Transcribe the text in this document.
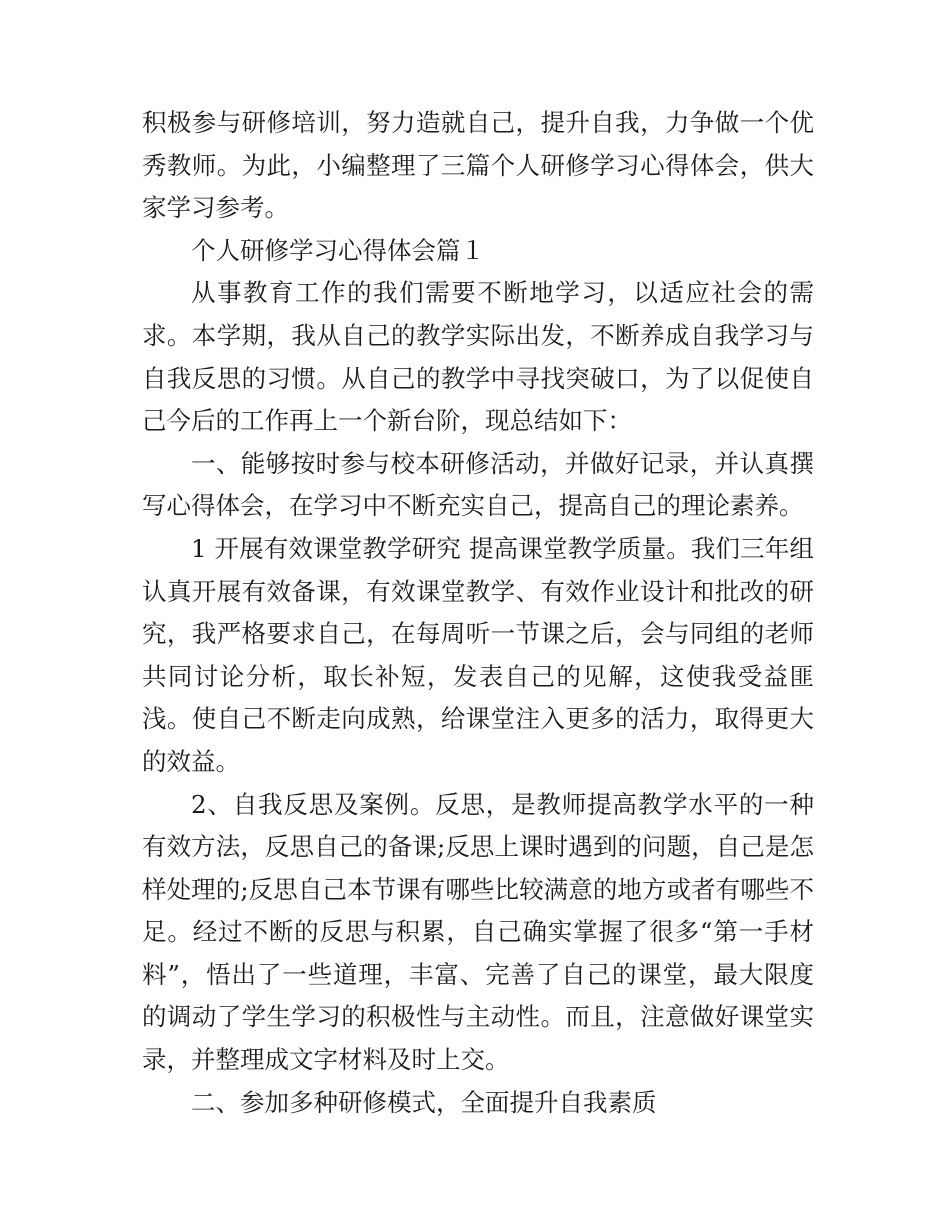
积极参与研修培训，努力造就自己，提升自我，力争做一个优秀教师。为此，小编整理了三篇个人研修学习心得体会，供大家学习参考。

个人研修学习心得体会篇１

从事教育工作的我们需要不断地学习，以适应社会的需求。本学期，我从自己的教学实际出发，不断养成自我学习与自我反思的习惯。从自己的教学中寻找突破口，为了以促使自己今后的工作再上一个新台阶，现总结如下：

一、能够按时参与校本研修活动，并做好记录，并认真撰写心得体会，在学习中不断充实自己，提高自己的理论素养。

1 开展有效课堂教学研究 提高课堂教学质量。我们三年组认真开展有效备课，有效课堂教学、有效作业设计和批改的研究，我严格要求自己，在每周听一节课之后，会与同组的老师共同讨论分析，取长补短，发表自己的见解，这使我受益匪浅。使自己不断走向成熟，给课堂注入更多的活力，取得更大的效益。

2、自我反思及案例。反思，是教师提高教学水平的一种有效方法，反思自己的备课;反思上课时遇到的问题，自己是怎样处理的;反思自己本节课有哪些比较满意的地方或者有哪些不足。经过不断的反思与积累，自己确实掌握了很多“第一手材料”，悟出了一些道理，丰富、完善了自己的课堂，最大限度的调动了学生学习的积极性与主动性。而且，注意做好课堂实录，并整理成文字材料及时上交。

二、参加多种研修模式，全面提升自我素质
